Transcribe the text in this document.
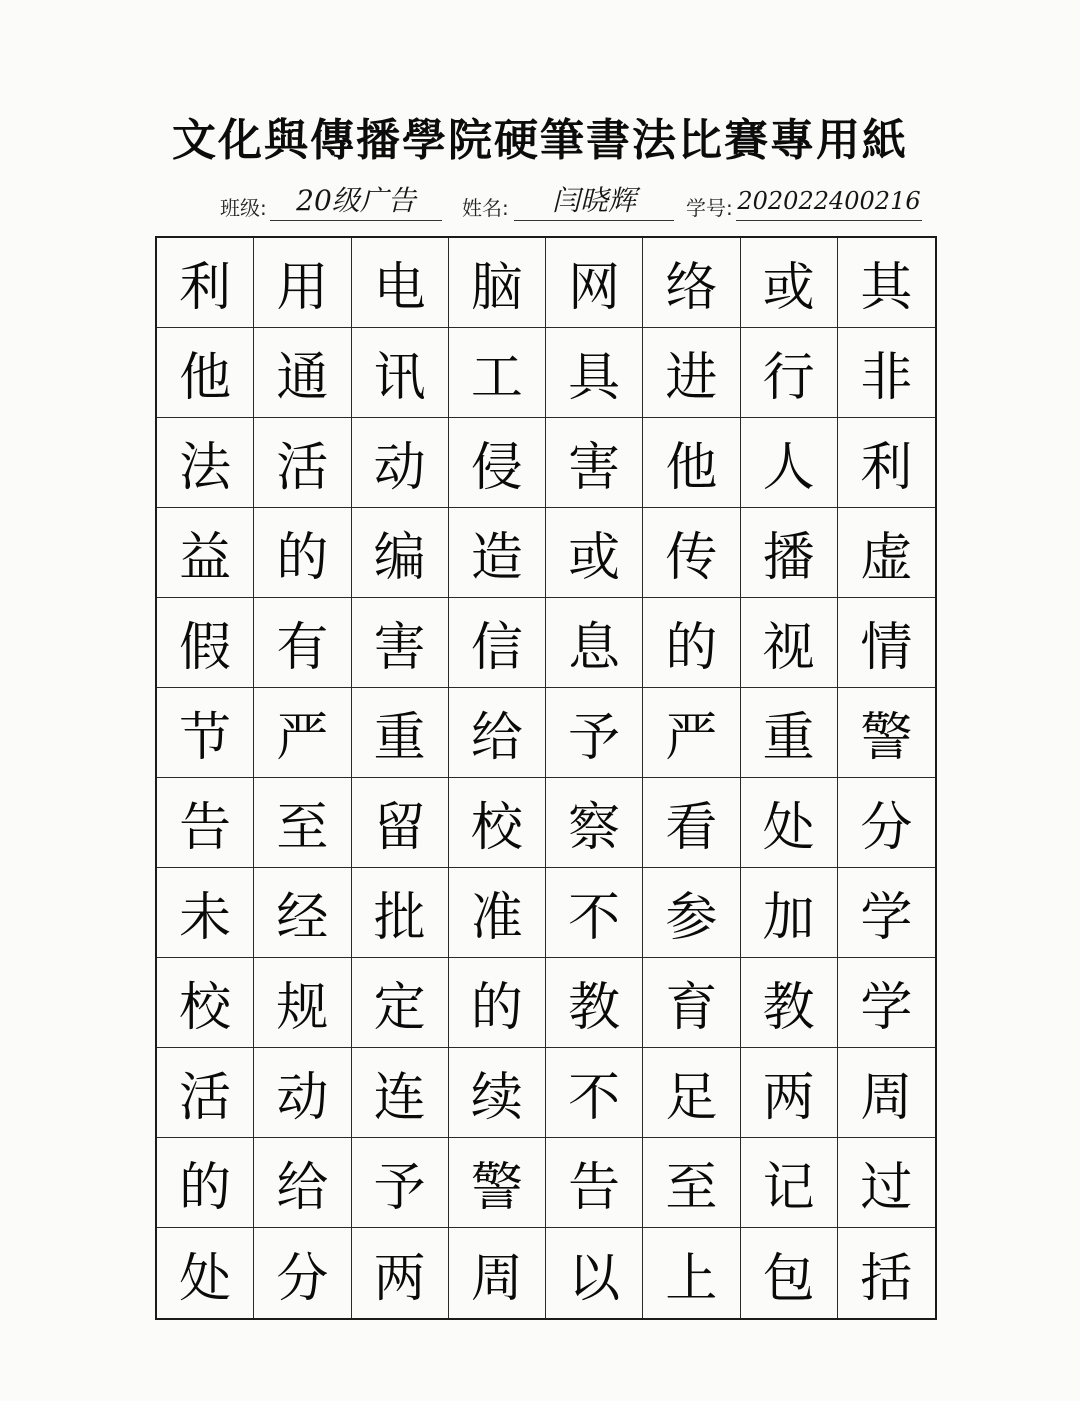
文化與傳播學院硬筆書法比賽專用紙
班级:	20级广告	姓名:	闫晓辉	学号: 202022400216
利 用 电 脑 网 络 或 其
他 通 讯 工 具 进 行 非
法 活 动 侵 害 他 人 利
益 的 编 造 或 传 播 虚
假 有 害 信 息 的 视 情
节 严 重 给 予 严 重 警
告 至 留 校 察 看 处 分
未 经 批 准 不 参 加 学
校 规 定 的 教 育 教 学
活 动 连 续 不 足 两 周
的 给 予 警 告 至 记 过
处 分 两 周 以 上 包 括
